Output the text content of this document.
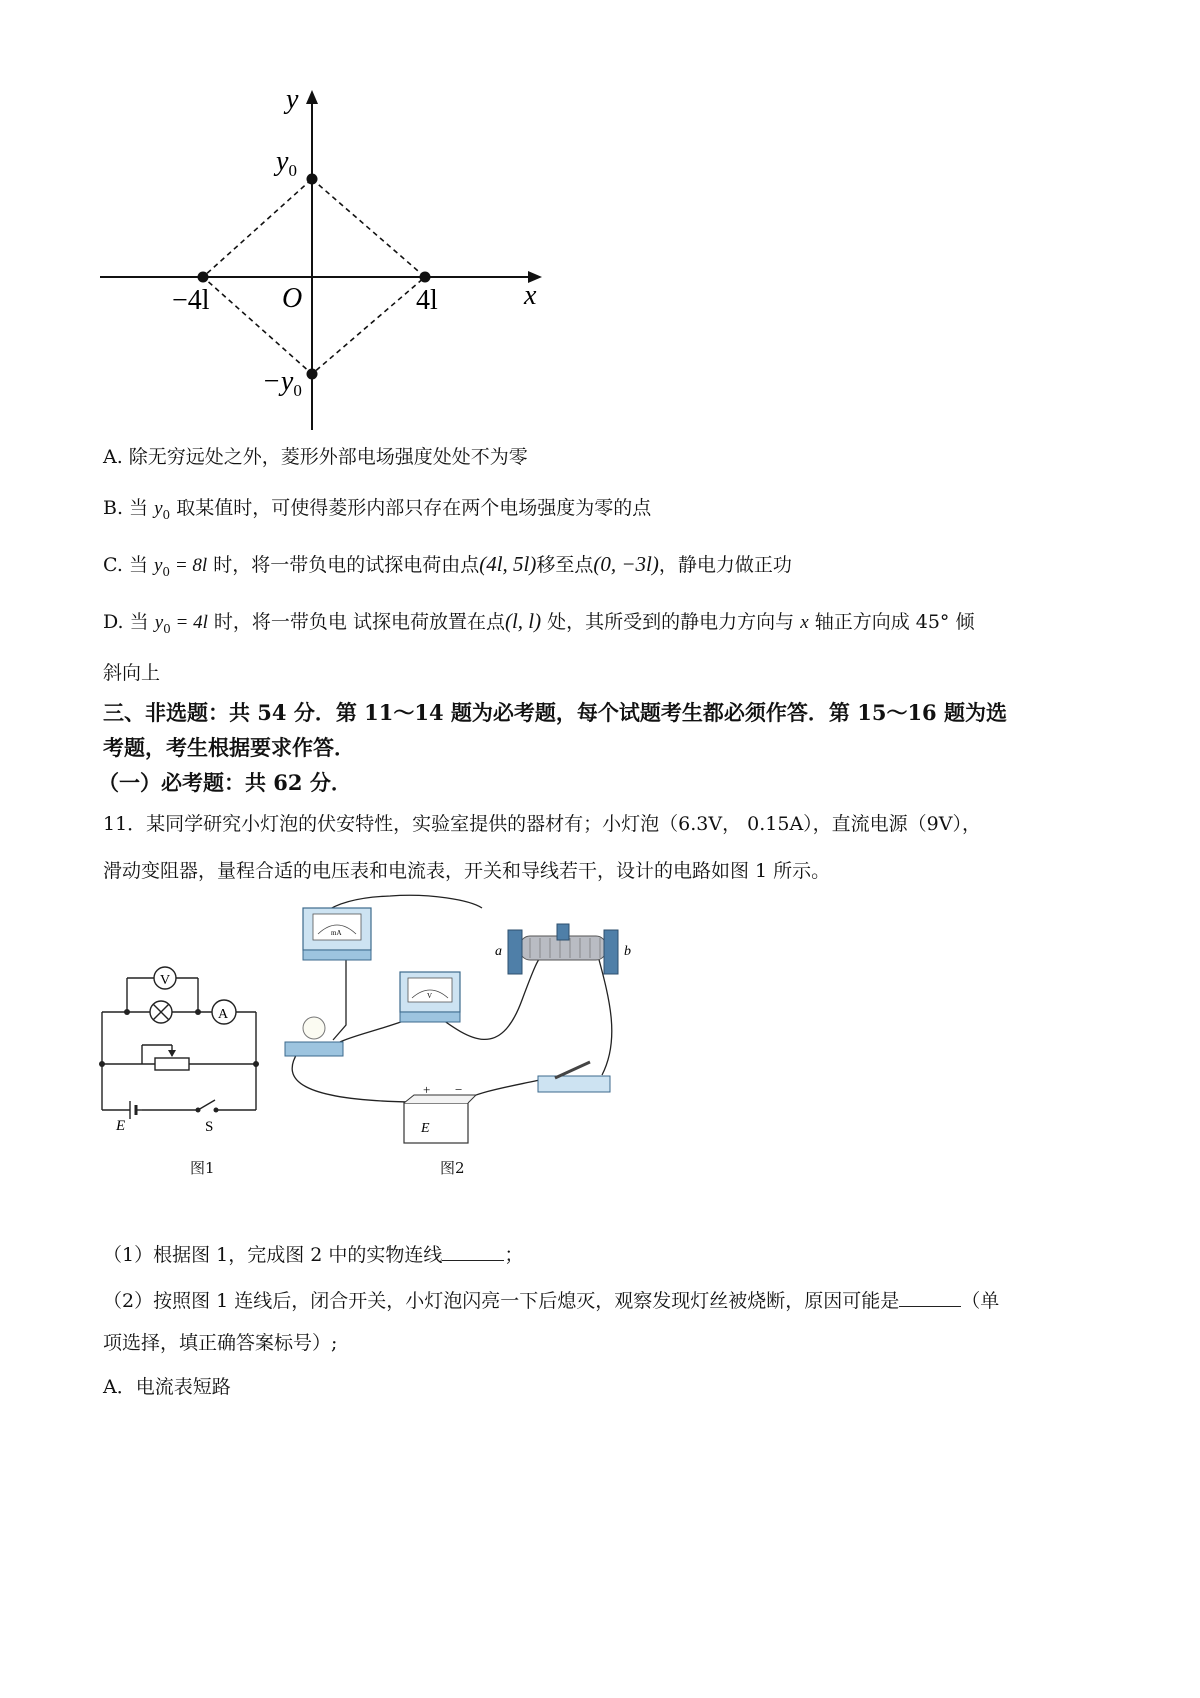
y
x
$y_0$
$-y_0$
O	4l
−4l
A. 除无穷远处之外，菱形外部电场强度处处不为零
B. 当 $y_0$ 取某值时，可使得菱形内部只存在两个电场强度为零的点
C. 当 $y_0 = 8l$ 时，将一带负电的试探电荷由点(4l, 5l)移至点(0, −3l)，静电力做正功
D. 当 $y_0 = 4l$ 时，将一带负电 试探电荷放置在点(l, l) 处，其所受到的静电力方向与 x 轴正方向成 45° 倾
斜向上
三、非选题：共 54 分．第 11～14 题为必考题，每个试题考生都必须作答．第 15～16 题为选
考题，考生根据要求作答．
（一）必考题：共 62 分．
11．某同学研究小灯泡的伏安特性，实验室提供的器材有；小灯泡（6.3V， 0.15A），直流电源（9V），
滑动变阻器，量程合适的电压表和电流表，开关和导线若干，设计的电路如图 1 所示。
V
A
E	S
图1
mA
V
a	b
E
+ −
图2
（1）根据图 1，完成图 2 中的实物连线	；
（2）按照图 1 连线后，闭合开关，小灯泡闪亮一下后熄灭，观察发现灯丝被烧断，原因可能是	（单
项选择，填正确答案标号）;
A．电流表短路
